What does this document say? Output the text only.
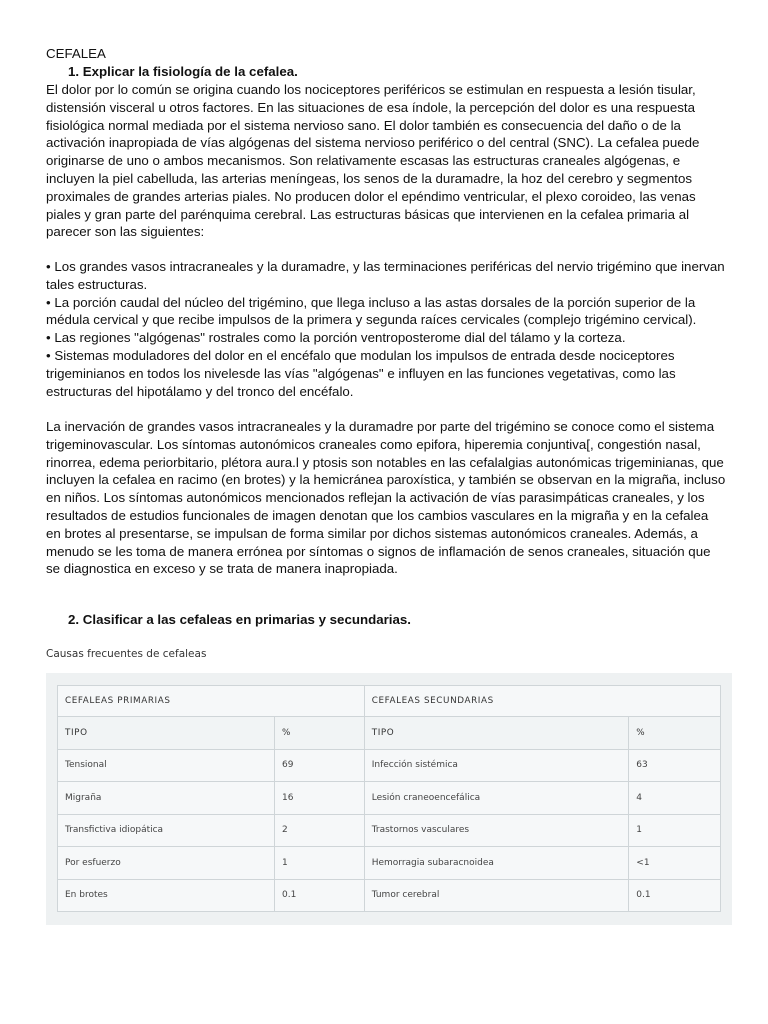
CEFALEA
1. Explicar la fisiología de la cefalea.

El dolor por lo común se origina cuando los nociceptores periféricos se estimulan en respuesta a lesión tisular, distensión visceral u otros factores. En las situaciones de esa índole, la percepción del dolor es una respuesta fisiológica normal mediada por el sistema nervioso sano. El dolor también es consecuencia del daño o de la activación inapropiada de vías algógenas del sistema nervioso periférico o del central (SNC). La cefalea puede originarse de uno o ambos mecanismos. Son relativamente escasas las estructuras craneales algógenas, e incluyen la piel cabelluda, las arterias meníngeas, los senos de la duramadre, la hoz del cerebro y segmentos proximales de grandes arterias piales. No producen dolor el epéndimo ventricular, el plexo coroideo, las venas piales y gran parte del parénquima cerebral. Las estructuras básicas que intervienen en la cefalea primaria al parecer son las siguientes:

• Los grandes vasos intracraneales y la duramadre, y las terminaciones periféricas del nervio trigémino que inervan tales estructuras.

• La porción caudal del núcleo del trigémino, que llega incluso a las astas dorsales de la porción superior de la médula cervical y que recibe impulsos de la primera y segunda raíces cervicales (complejo trigémino cervical).

• Las regiones "algógenas" rostrales como la porción ventroposterome dial del tálamo y la corteza.

• Sistemas moduladores del dolor en el encéfalo que modulan los impulsos de entrada desde nociceptores trigeminianos en todos los nivelesde las vías "algógenas" e influyen en las funciones vegetativas, como las estructuras del hipotálamo y del tronco del encéfalo.

La inervación de grandes vasos intracraneales y la duramadre por parte del trigémino se conoce como el sistema trigeminovascular. Los síntomas autonómicos craneales como epifora, hiperemia conjuntiva[, congestión nasal, rinorrea, edema periorbitario, plétora aura.l y ptosis son notables en las cefalalgias autonómicas trigeminianas, que incluyen la cefalea en racimo (en brotes) y la hemicránea paroxística, y también se observan en la migraña, incluso en niños. Los síntomas autonómicos mencionados reflejan la activación de vías parasimpáticas craneales, y los resultados de estudios funcionales de imagen denotan que los cambios vasculares en la migraña y en la cefalea en brotes al presentarse, se impulsan de forma similar por dichos sistemas autonómicos craneales. Además, a menudo se les toma de manera errónea por síntomas o signos de inflamación de senos craneales, situación que se diagnostica en exceso y se trata de manera inapropiada.

2. Clasificar a las cefaleas en primarias y secundarias.
Causas frecuentes de cefaleas
CEFALEAS PRIMARIAS		CEFALEAS SECUNDARIAS	
TIPO	%	TIPO	%
Tensional	69	Infección sistémica	63
Migraña	16	Lesión craneoencefálica	4
Transfictiva idiopática	2	Trastornos vasculares	1
Por esfuerzo	1	Hemorragia subaracnoidea	<1
En brotes	0.1	Tumor cerebral	0.1
